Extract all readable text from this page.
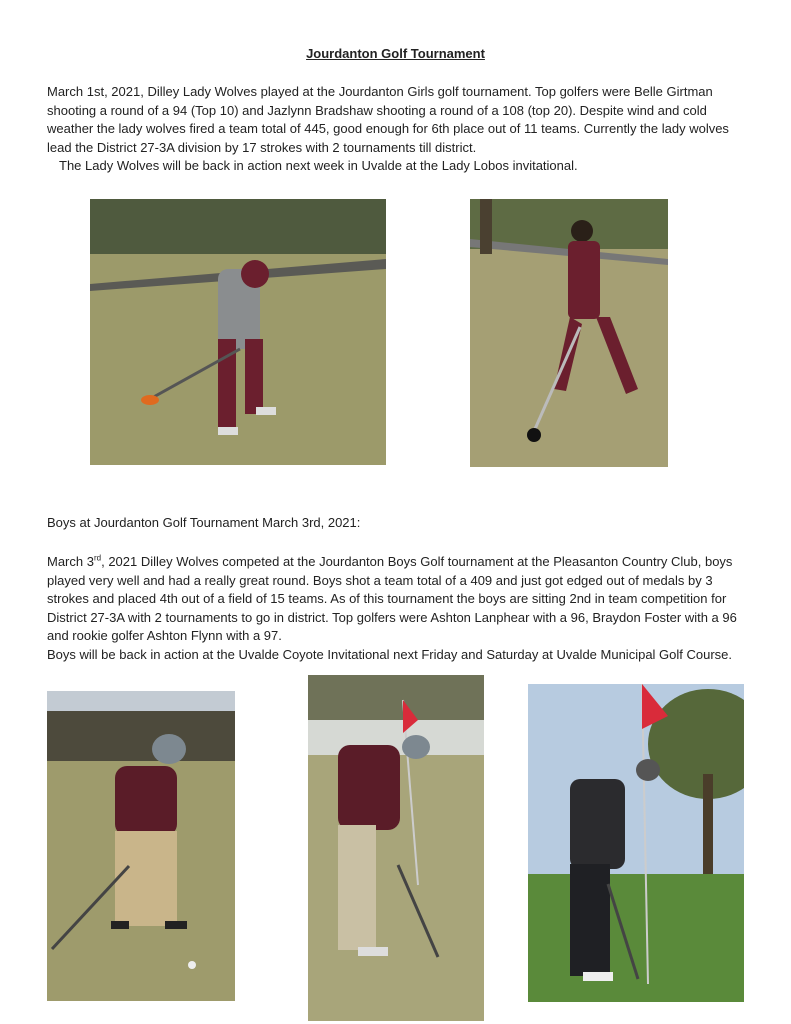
Jourdanton Golf Tournament
March 1st, 2021, Dilley Lady Wolves played at the Jourdanton Girls golf tournament. Top golfers were Belle Girtman shooting a round of a 94 (Top 10) and Jazlynn Bradshaw shooting a round of a 108 (top 20). Despite wind and cold weather the lady wolves fired a team total of 445, good enough for 6th place out of 11 teams. Currently the lady wolves lead the District 27-3A division by 17 strokes with 2 tournaments till district.
The Lady Wolves will be back in action next week in Uvalde at the Lady Lobos invitational.
Boys at Jourdanton Golf Tournament March 3rd, 2021:
March 3rd, 2021 Dilley Wolves competed at the Jourdanton Boys Golf tournament at the Pleasanton Country Club, boys played very well and had a really great round. Boys shot a team total of a 409 and just got edged out of medals by 3 strokes and placed 4th out of a field of 15 teams. As of this tournament the boys are sitting 2nd in team competition for District 27-3A with 2 tournaments to go in district. Top golfers were Ashton Lanphear with a 96, Braydon Foster with a 96 and rookie golfer Ashton Flynn with a 97.
Boys will be back in action at the Uvalde Coyote Invitational next Friday and Saturday at Uvalde Municipal Golf Course.
